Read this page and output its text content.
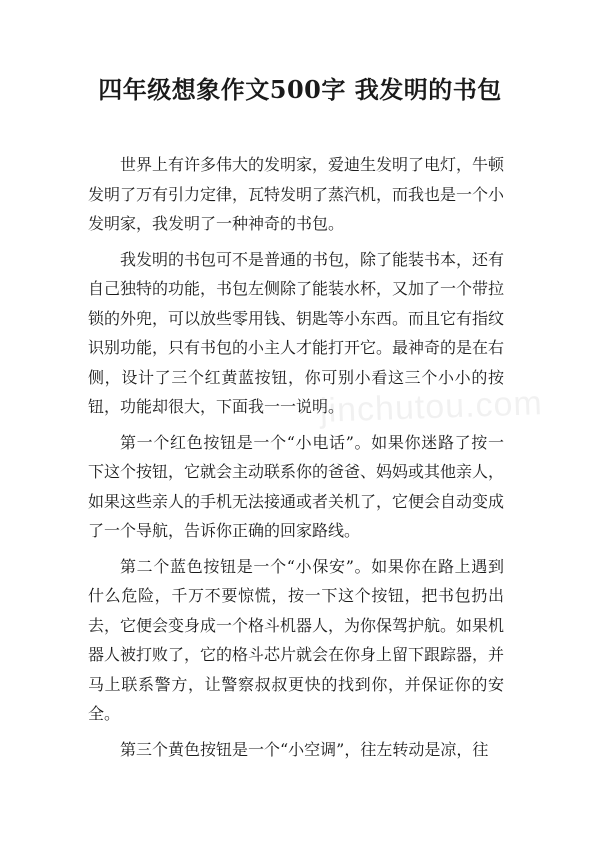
四年级想象作文500字 我发明的书包

世界上有许多伟大的发明家，爱迪生发明了电灯，牛顿发明了万有引力定律，瓦特发明了蒸汽机，而我也是一个小发明家，我发明了一种神奇的书包。

我发明的书包可不是普通的书包，除了能装书本，还有自己独特的功能，书包左侧除了能装水杯，又加了一个带拉锁的外兜，可以放些零用钱、钥匙等小东西。而且它有指纹识别功能，只有书包的小主人才能打开它。最神奇的是在右侧，设计了三个红黄蓝按钮，你可别小看这三个小小的按钮，功能却很大，下面我一一说明。

第一个红色按钮是一个“小电话”。如果你迷路了按一下这个按钮，它就会主动联系你的爸爸、妈妈或其他亲人，如果这些亲人的手机无法接通或者关机了，它便会自动变成了一个导航，告诉你正确的回家路线。

第二个蓝色按钮是一个“小保安”。如果你在路上遇到什么危险，千万不要惊慌，按一下这个按钮，把书包扔出去，它便会变身成一个格斗机器人，为你保驾护航。如果机器人被打败了，它的格斗芯片就会在你身上留下跟踪器，并马上联系警方，让警察叔叔更快的找到你，并保证你的安全。

第三个黄色按钮是一个“小空调”，往左转动是凉，往

jinchutou.com
